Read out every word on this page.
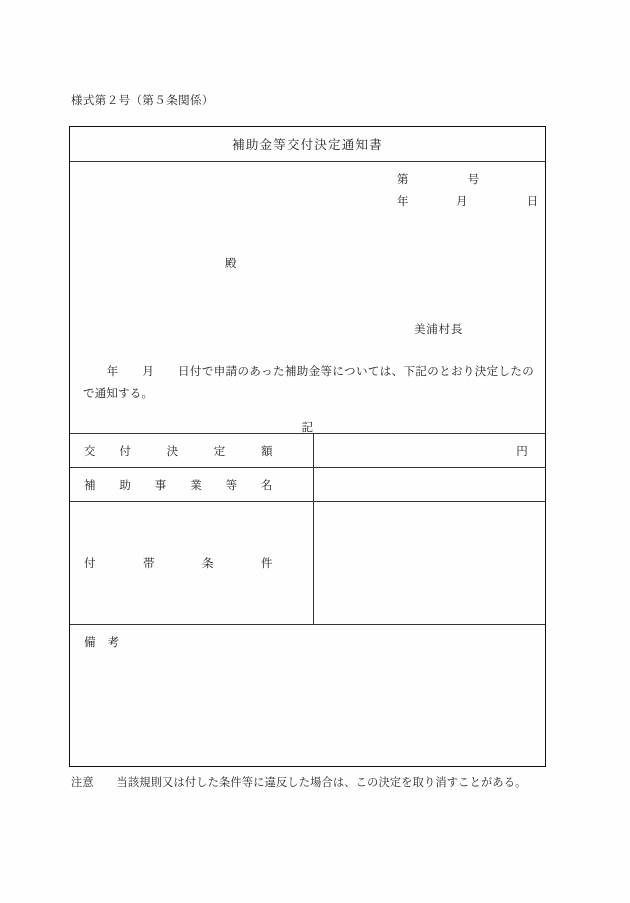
様式第２号（第５条関係）
補助金等交付決定通知書
第　　　　　号
年　　　　月　　　　　日
殿
美浦村長
　　年　　月　　日付で申請のあった補助金等については、下記のとおり決定したので通知する。
記
交　　付　　　決　　　定　　　額	円
補　　助　　事　　業　　等　　名
付　　　　帯　　　　条　　　　件
備　考
注意　　当該規則又は付した条件等に違反した場合は、この決定を取り消すことがある。
